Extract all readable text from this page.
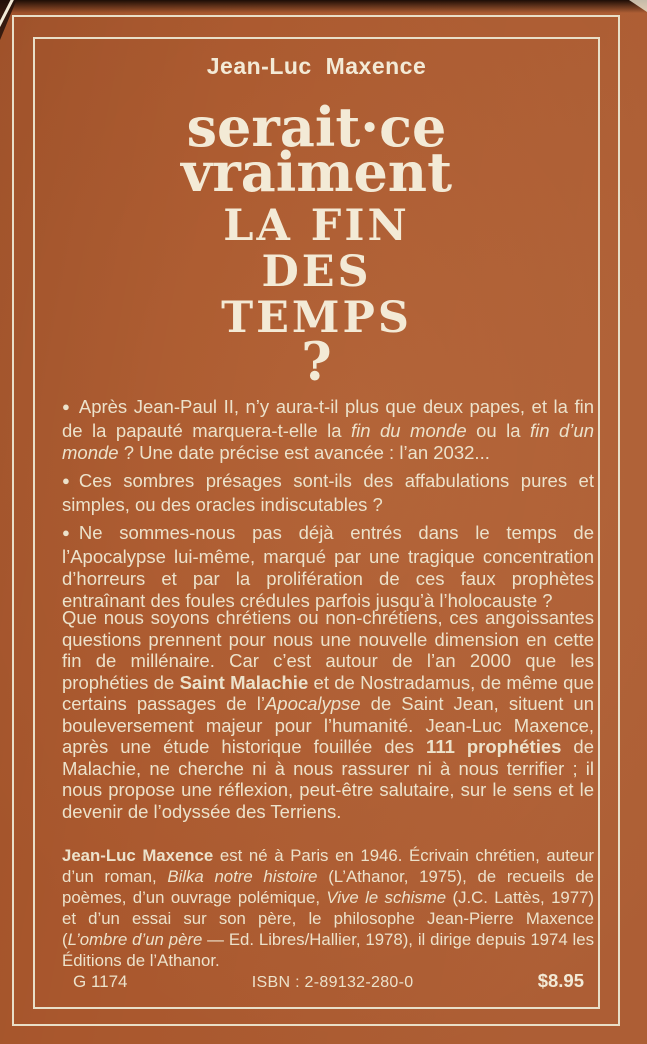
Jean-Luc Maxence
serait·ce
vraiment
LA FIN
DES
TEMPS
?

● Après Jean-Paul II, n’y aura-t-il plus que deux papes, et la fin de la papauté marquera-t-elle la fin du monde ou la fin d’un monde ? Une date précise est avancée : l’an 2032...

● Ces sombres présages sont-ils des affabulations pures et simples, ou des oracles indiscutables ?

● Ne sommes-nous pas déjà entrés dans le temps de l’Apocalypse lui-même, marqué par une tragique concentration d’horreurs et par la prolifération de ces faux prophètes entraînant des foules crédules parfois jusqu’à l’holocauste ?

Que nous soyons chrétiens ou non-chrétiens, ces angoissantes questions prennent pour nous une nouvelle dimension en cette fin de millénaire. Car c’est autour de l’an 2000 que les prophéties de Saint Malachie et de Nostradamus, de même que certains passages de l’Apocalypse de Saint Jean, situent un bouleversement majeur pour l’humanité. Jean-Luc Maxence, après une étude historique fouillée des 111 prophéties de Malachie, ne cherche ni à nous rassurer ni à nous terrifier ; il nous propose une réflexion, peut-être salutaire, sur le sens et le devenir de l’odyssée des Terriens.

Jean-Luc Maxence est né à Paris en 1946. Écrivain chrétien, auteur d’un roman, Bilka notre histoire (L’Athanor, 1975), de recueils de poèmes, d’un ouvrage polémique, Vive le schisme (J.C. Lattès, 1977) et d’un essai sur son père, le philosophe Jean-Pierre Maxence (L’ombre d’un père — Ed. Libres/Hallier, 1978), il dirige depuis 1974 les Éditions de l’Athanor.

G 1174	ISBN : 2-89132-280-0	$8.95
